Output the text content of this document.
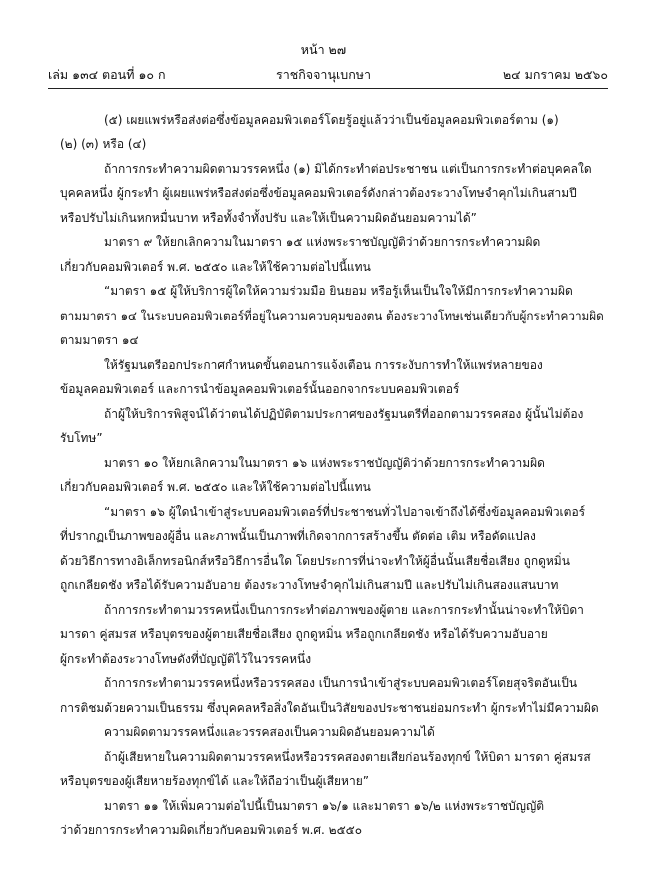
หน้า ๒๗
เล่ม ๑๓๔ ตอนที่ ๑๐ ก	ราชกิจจานุเบกษา	๒๔ มกราคม ๒๕๖๐
(๕) เผยแพร่หรือส่งต่อซึ่งข้อมูลคอมพิวเตอร์โดยรู้อยู่แล้วว่าเป็นข้อมูลคอมพิวเตอร์ตาม (๑)
(๒) (๓) หรือ (๔)
ถ้าการกระทำความผิดตามวรรคหนึ่ง (๑) มิได้กระทำต่อประชาชน แต่เป็นการกระทำต่อบุคคลใด
บุคคลหนึ่ง ผู้กระทำ ผู้เผยแพร่หรือส่งต่อซึ่งข้อมูลคอมพิวเตอร์ดังกล่าวต้องระวางโทษจำคุกไม่เกินสามปี
หรือปรับไม่เกินหกหมื่นบาท หรือทั้งจำทั้งปรับ และให้เป็นความผิดอันยอมความได้”
มาตรา ๙ ให้ยกเลิกความในมาตรา ๑๕ แห่งพระราชบัญญัติว่าด้วยการกระทำความผิด
เกี่ยวกับคอมพิวเตอร์ พ.ศ. ๒๕๕๐ และให้ใช้ความต่อไปนี้แทน
“มาตรา ๑๕ ผู้ให้บริการผู้ใดให้ความร่วมมือ ยินยอม หรือรู้เห็นเป็นใจให้มีการกระทำความผิด
ตามมาตรา ๑๔ ในระบบคอมพิวเตอร์ที่อยู่ในความควบคุมของตน ต้องระวางโทษเช่นเดียวกับผู้กระทำความผิด
ตามมาตรา ๑๔
ให้รัฐมนตรีออกประกาศกำหนดขั้นตอนการแจ้งเตือน การระงับการทำให้แพร่หลายของ
ข้อมูลคอมพิวเตอร์ และการนำข้อมูลคอมพิวเตอร์นั้นออกจากระบบคอมพิวเตอร์
ถ้าผู้ให้บริการพิสูจน์ได้ว่าตนได้ปฏิบัติตามประกาศของรัฐมนตรีที่ออกตามวรรคสอง ผู้นั้นไม่ต้อง
รับโทษ”
มาตรา ๑๐ ให้ยกเลิกความในมาตรา ๑๖ แห่งพระราชบัญญัติว่าด้วยการกระทำความผิด
เกี่ยวกับคอมพิวเตอร์ พ.ศ. ๒๕๕๐ และให้ใช้ความต่อไปนี้แทน
“มาตรา ๑๖ ผู้ใดนำเข้าสู่ระบบคอมพิวเตอร์ที่ประชาชนทั่วไปอาจเข้าถึงได้ซึ่งข้อมูลคอมพิวเตอร์
ที่ปรากฏเป็นภาพของผู้อื่น และภาพนั้นเป็นภาพที่เกิดจากการสร้างขึ้น ตัดต่อ เติม หรือดัดแปลง
ด้วยวิธีการทางอิเล็กทรอนิกส์หรือวิธีการอื่นใด โดยประการที่น่าจะทำให้ผู้อื่นนั้นเสียชื่อเสียง ถูกดูหมิ่น
ถูกเกลียดชัง หรือได้รับความอับอาย ต้องระวางโทษจำคุกไม่เกินสามปี และปรับไม่เกินสองแสนบาท
ถ้าการกระทำตามวรรคหนึ่งเป็นการกระทำต่อภาพของผู้ตาย และการกระทำนั้นน่าจะทำให้บิดา
มารดา คู่สมรส หรือบุตรของผู้ตายเสียชื่อเสียง ถูกดูหมิ่น หรือถูกเกลียดชัง หรือได้รับความอับอาย
ผู้กระทำต้องระวางโทษดังที่บัญญัติไว้ในวรรคหนึ่ง
ถ้าการกระทำตามวรรคหนึ่งหรือวรรคสอง เป็นการนำเข้าสู่ระบบคอมพิวเตอร์โดยสุจริตอันเป็น
การติชมด้วยความเป็นธรรม ซึ่งบุคคลหรือสิ่งใดอันเป็นวิสัยของประชาชนย่อมกระทำ ผู้กระทำไม่มีความผิด
ความผิดตามวรรคหนึ่งและวรรคสองเป็นความผิดอันยอมความได้
ถ้าผู้เสียหายในความผิดตามวรรคหนึ่งหรือวรรคสองตายเสียก่อนร้องทุกข์ ให้บิดา มารดา คู่สมรส
หรือบุตรของผู้เสียหายร้องทุกข์ได้ และให้ถือว่าเป็นผู้เสียหาย”
มาตรา ๑๑ ให้เพิ่มความต่อไปนี้เป็นมาตรา ๑๖/๑ และมาตรา ๑๖/๒ แห่งพระราชบัญญัติ
ว่าด้วยการกระทำความผิดเกี่ยวกับคอมพิวเตอร์ พ.ศ. ๒๕๕๐
